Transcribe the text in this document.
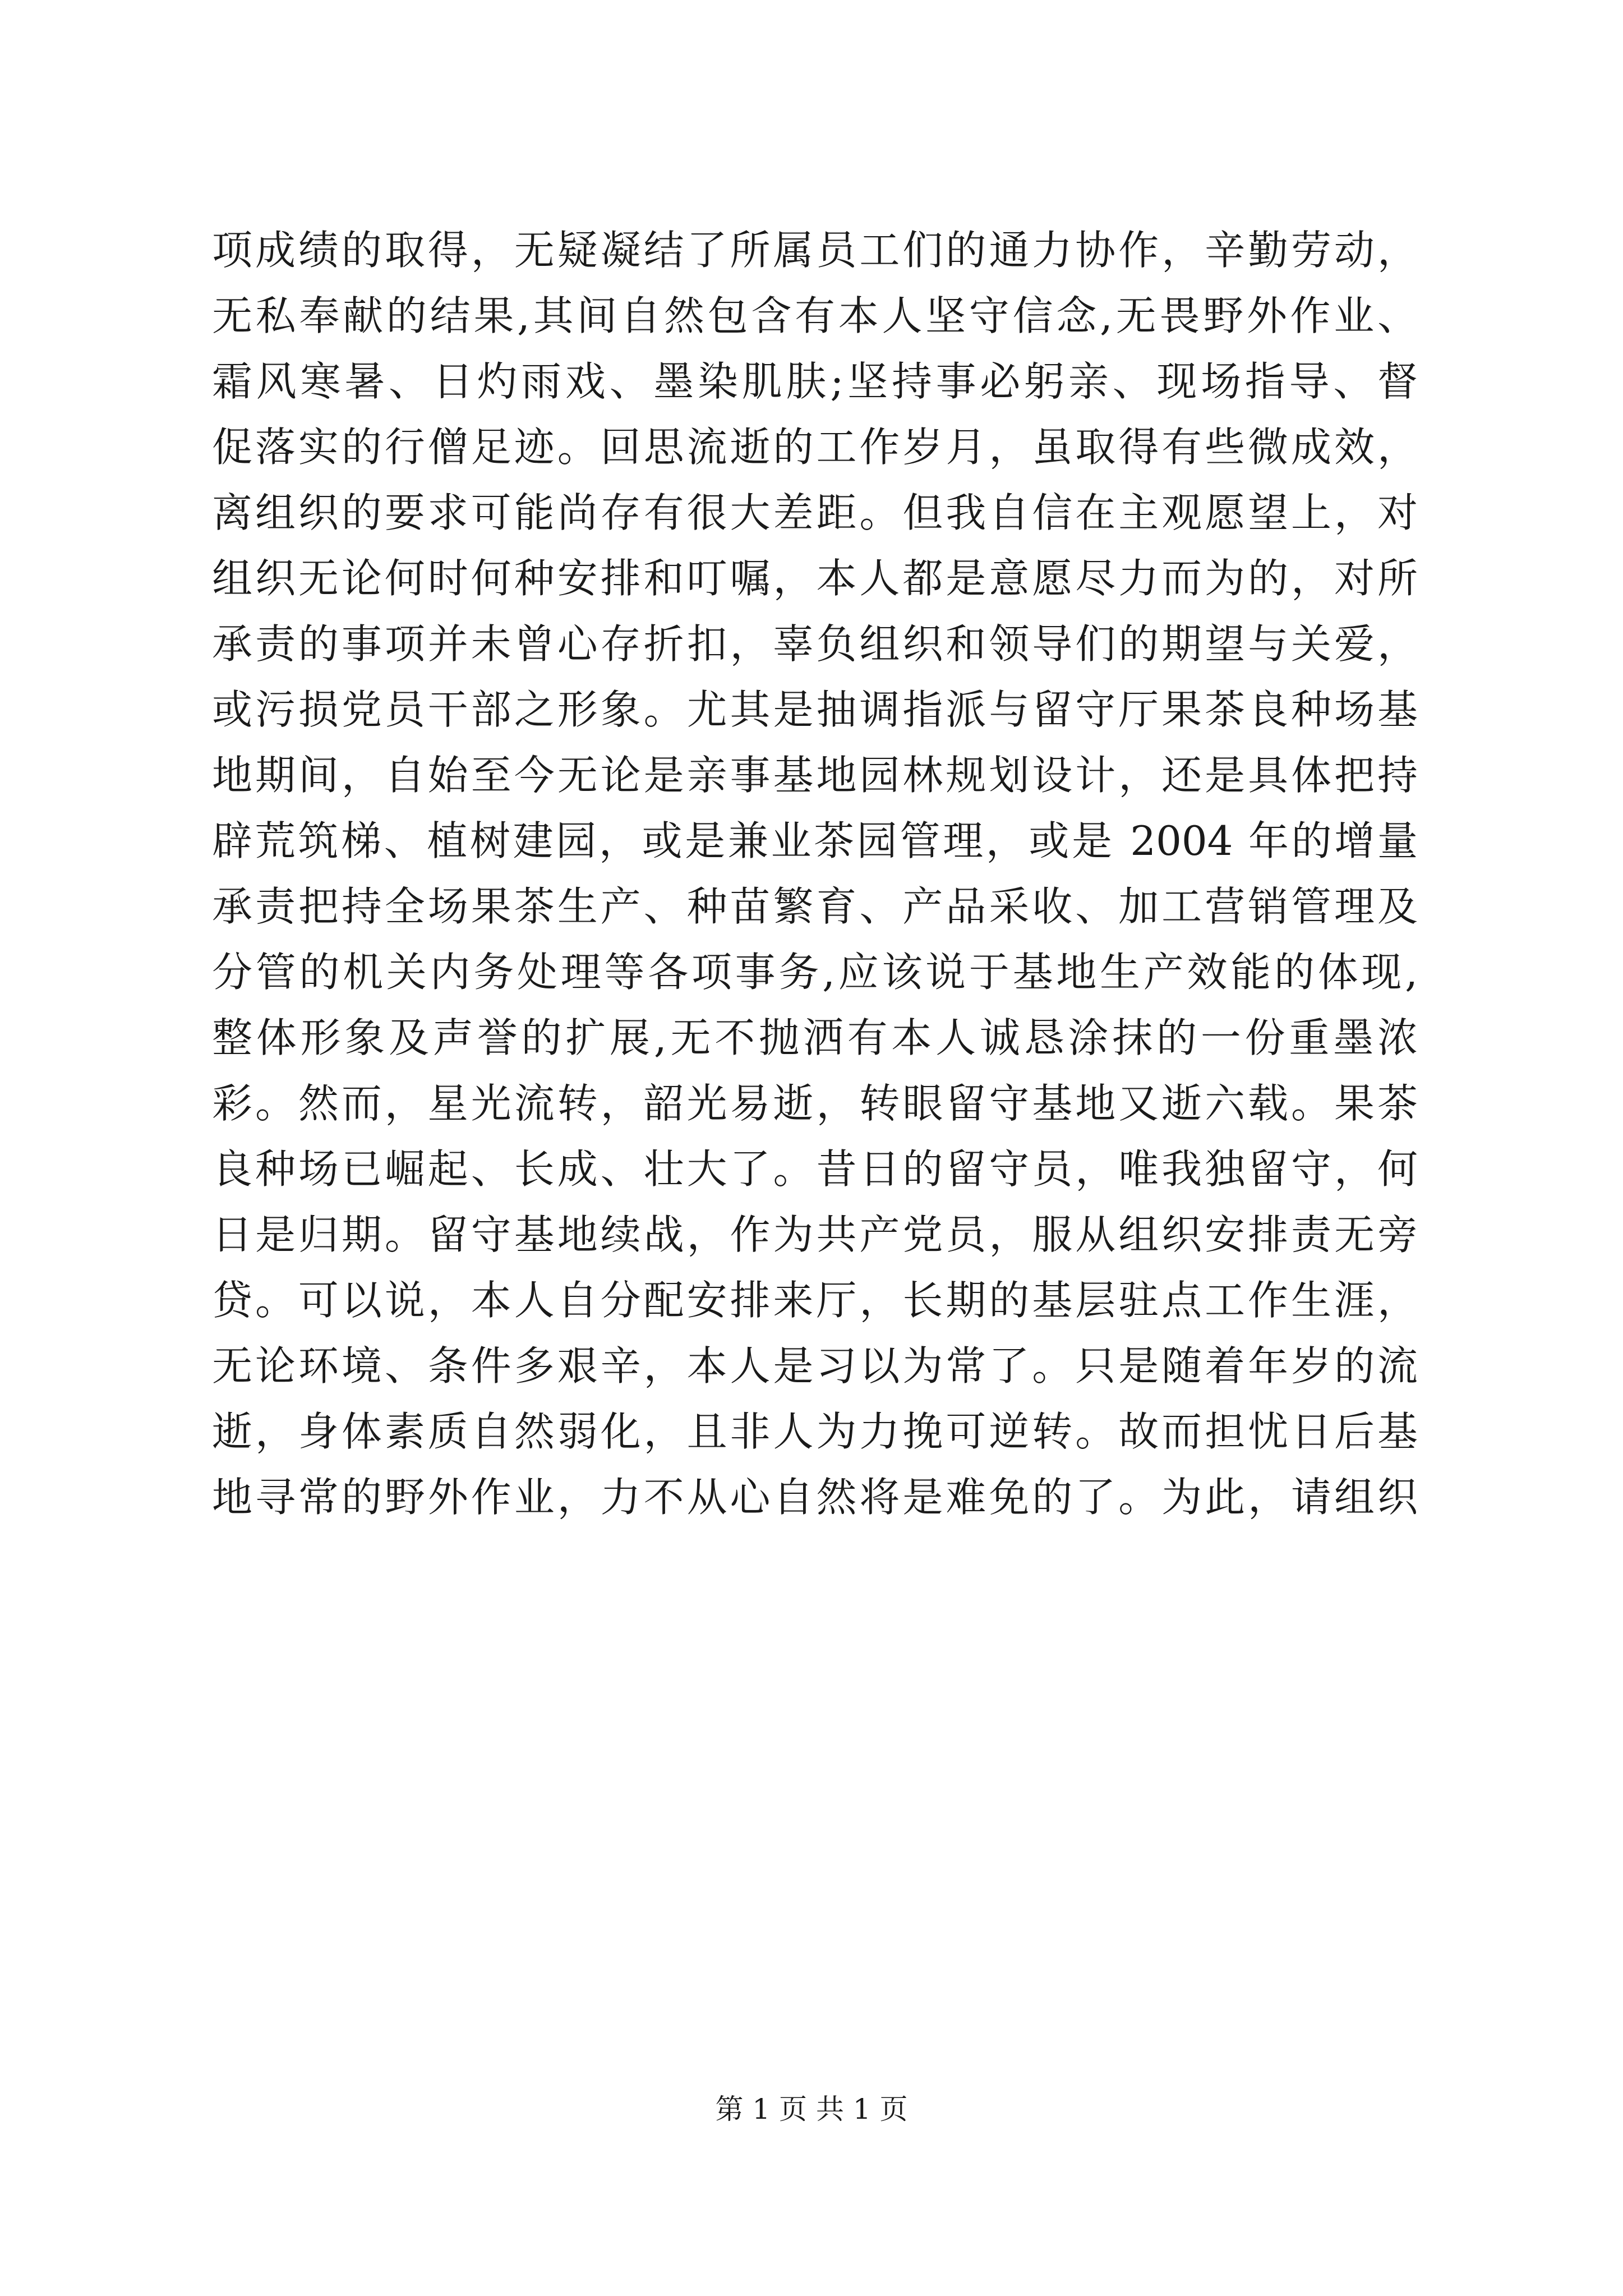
项成绩的取得，无疑凝结了所属员工们的通力协作，辛勤劳动，
无私奉献的结果,其间自然包含有本人坚守信念,无畏野外作业、
霜风寒暑、日灼雨戏、墨染肌肤;坚持事必躬亲、现场指导、督
促落实的行僧足迹。回思流逝的工作岁月，虽取得有些微成效，
离组织的要求可能尚存有很大差距。但我自信在主观愿望上，对
组织无论何时何种安排和叮嘱，本人都是意愿尽力而为的，对所
承责的事项并未曾心存折扣，辜负组织和领导们的期望与关爱，
或污损党员干部之形象。尤其是抽调指派与留守厅果茶良种场基
地期间，自始至今无论是亲事基地园林规划设计，还是具体把持
辟荒筑梯、植树建园，或是兼业茶园管理，或是 2004 年的增量
承责把持全场果茶生产、种苗繁育、产品采收、加工营销管理及
分管的机关内务处理等各项事务,应该说于基地生产效能的体现,
整体形象及声誉的扩展,无不抛洒有本人诚恳涂抹的一份重墨浓
彩。然而，星光流转，韶光易逝，转眼留守基地又逝六载。果茶
良种场已崛起、长成、壮大了。昔日的留守员，唯我独留守，何
日是归期。留守基地续战，作为共产党员，服从组织安排责无旁
贷。可以说，本人自分配安排来厅，长期的基层驻点工作生涯，
无论环境、条件多艰辛，本人是习以为常了。只是随着年岁的流
逝，身体素质自然弱化，且非人为力挽可逆转。故而担忧日后基
地寻常的野外作业，力不从心自然将是难免的了。为此，请组织
第 1 页 共 1 页
